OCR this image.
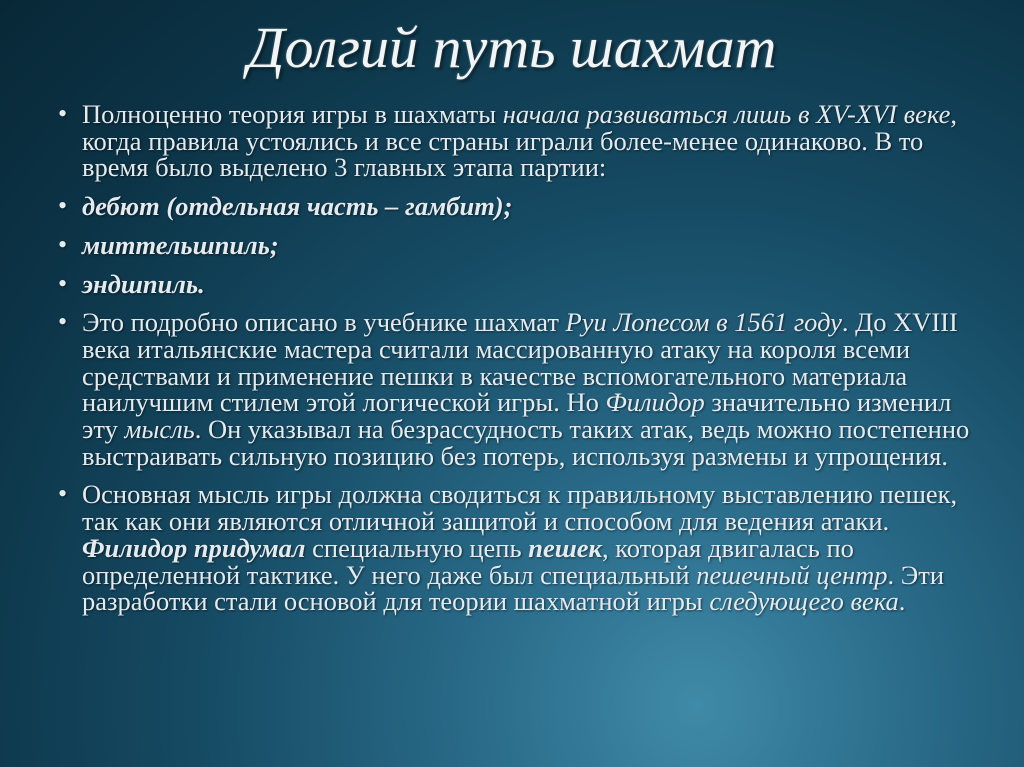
Долгий путь шахмат
• Полноценно теория игры в шахматы начала развиваться лишь в XV-XVI веке, когда правила устоялись и все страны играли более-менее одинаково. В то время было выделено 3 главных этапа партии:
• дебют (отдельная часть – гамбит);
• миттельшпиль;
• эндшпиль.
• Это подробно описано в учебнике шахмат Руи Лопесом в 1561 году. До XVIII века итальянские мастера считали массированную атаку на короля всеми средствами и применение пешки в качестве вспомогательного материала наилучшим стилем этой логической игры. Но Филидор значительно изменил эту мысль. Он указывал на безрассудность таких атак, ведь можно постепенно выстраивать сильную позицию без потерь, используя размены и упрощения.
• Основная мысль игры должна сводиться к правильному выставлению пешек, так как они являются отличной защитой и способом для ведения атаки. Филидор придумал специальную цепь пешек, которая двигалась по определенной тактике. У него даже был специальный пешечный центр. Эти разработки стали основой для теории шахматной игры следующего века.
